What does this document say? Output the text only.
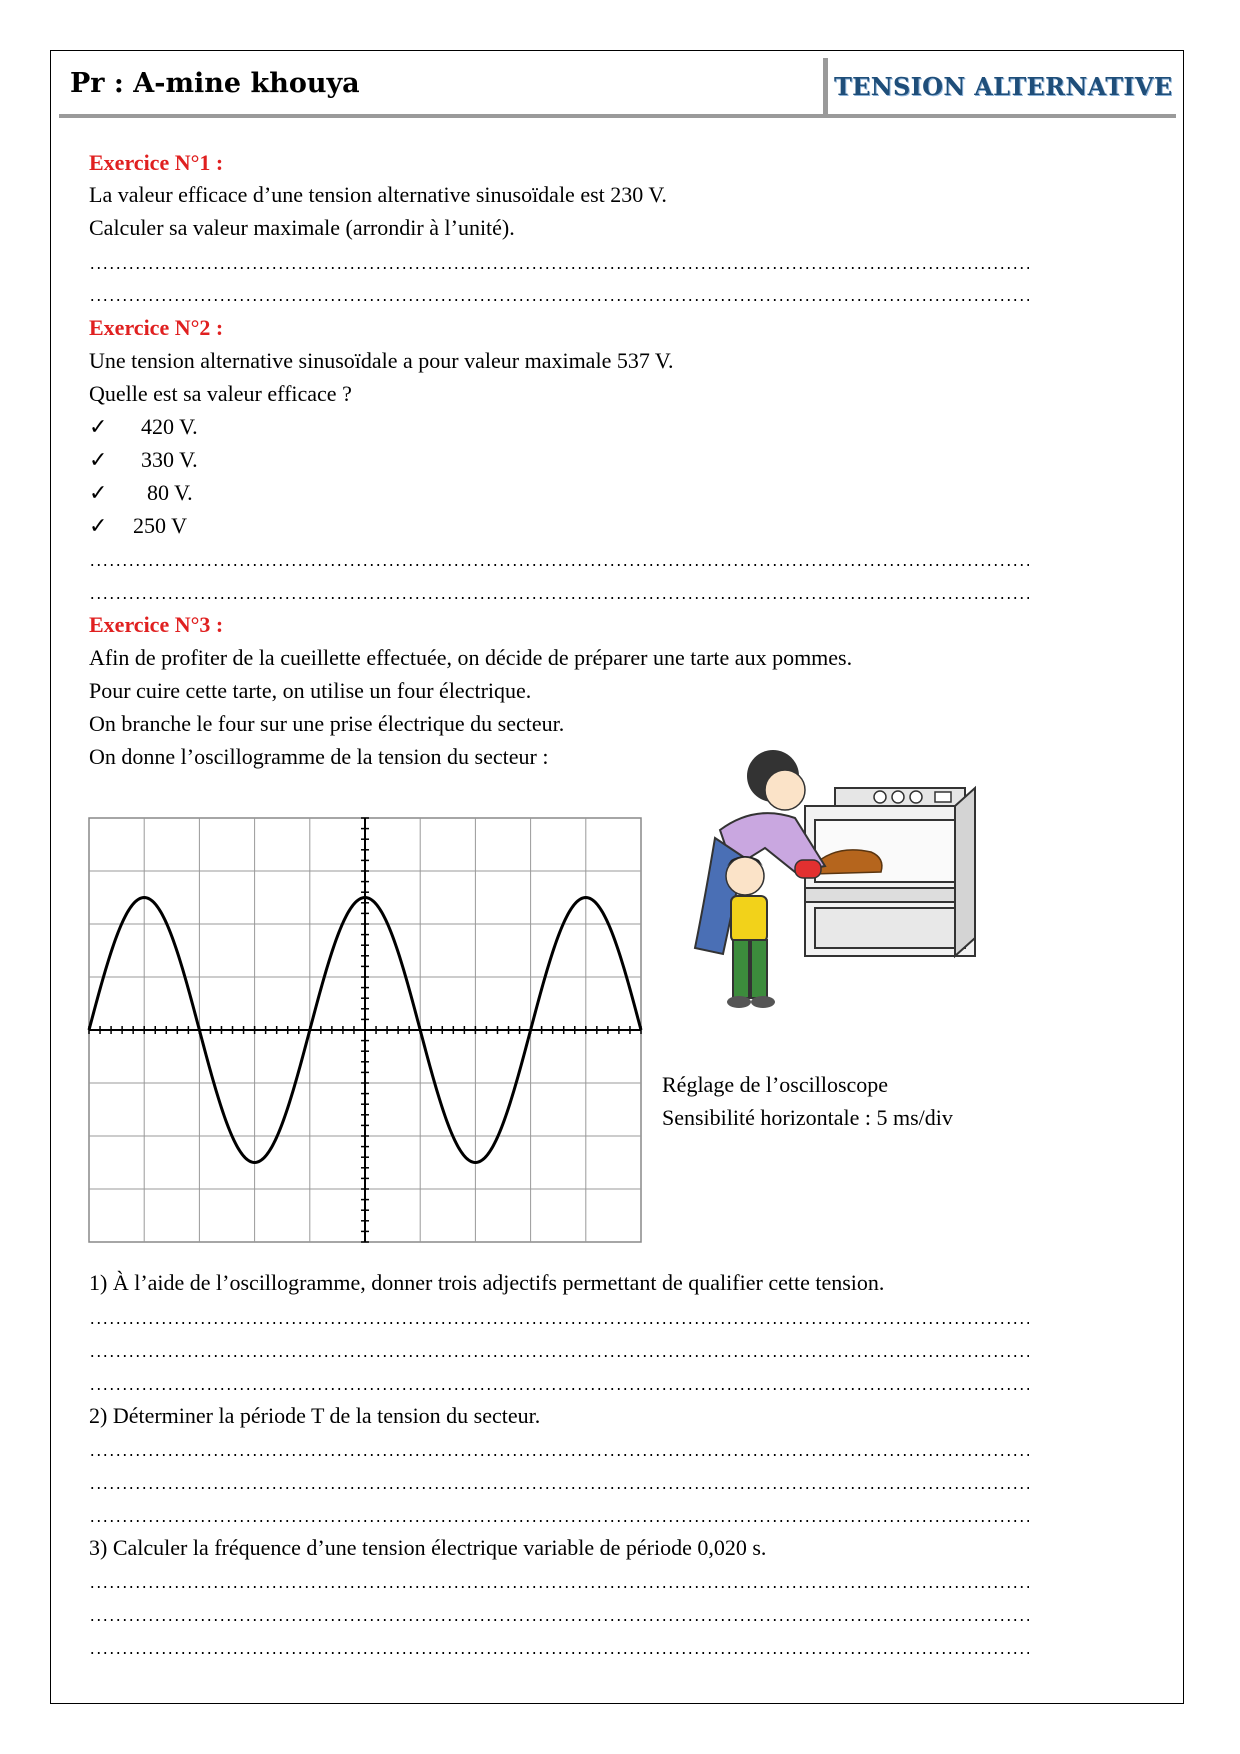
Pr : A-mine khouya	TENSION ALTERNATIVE
Exercice N°1 :
La valeur efficace d’une tension alternative sinusoïdale est 230 V.
Calculer sa valeur maximale (arrondir à l’unité).
Exercice N°2 :
Une tension alternative sinusoïdale a pour valeur maximale 537 V.
Quelle est sa valeur efficace ?
✓ 420 V.
✓ 330 V.
✓ 80 V.
✓ 250 V
Exercice N°3 :
Afin de profiter de la cueillette effectuée, on décide de préparer une tarte aux pommes.
Pour cuire cette tarte, on utilise un four électrique.
On branche le four sur une prise électrique du secteur.
On donne l’oscillogramme de la tension du secteur :
Réglage de l’oscilloscope
Sensibilité horizontale : 5 ms/div
1) À l’aide de l’oscillogramme, donner trois adjectifs permettant de qualifier cette tension.
2) Déterminer la période T de la tension du secteur.
3) Calculer la fréquence d’une tension électrique variable de période 0,020 s.
